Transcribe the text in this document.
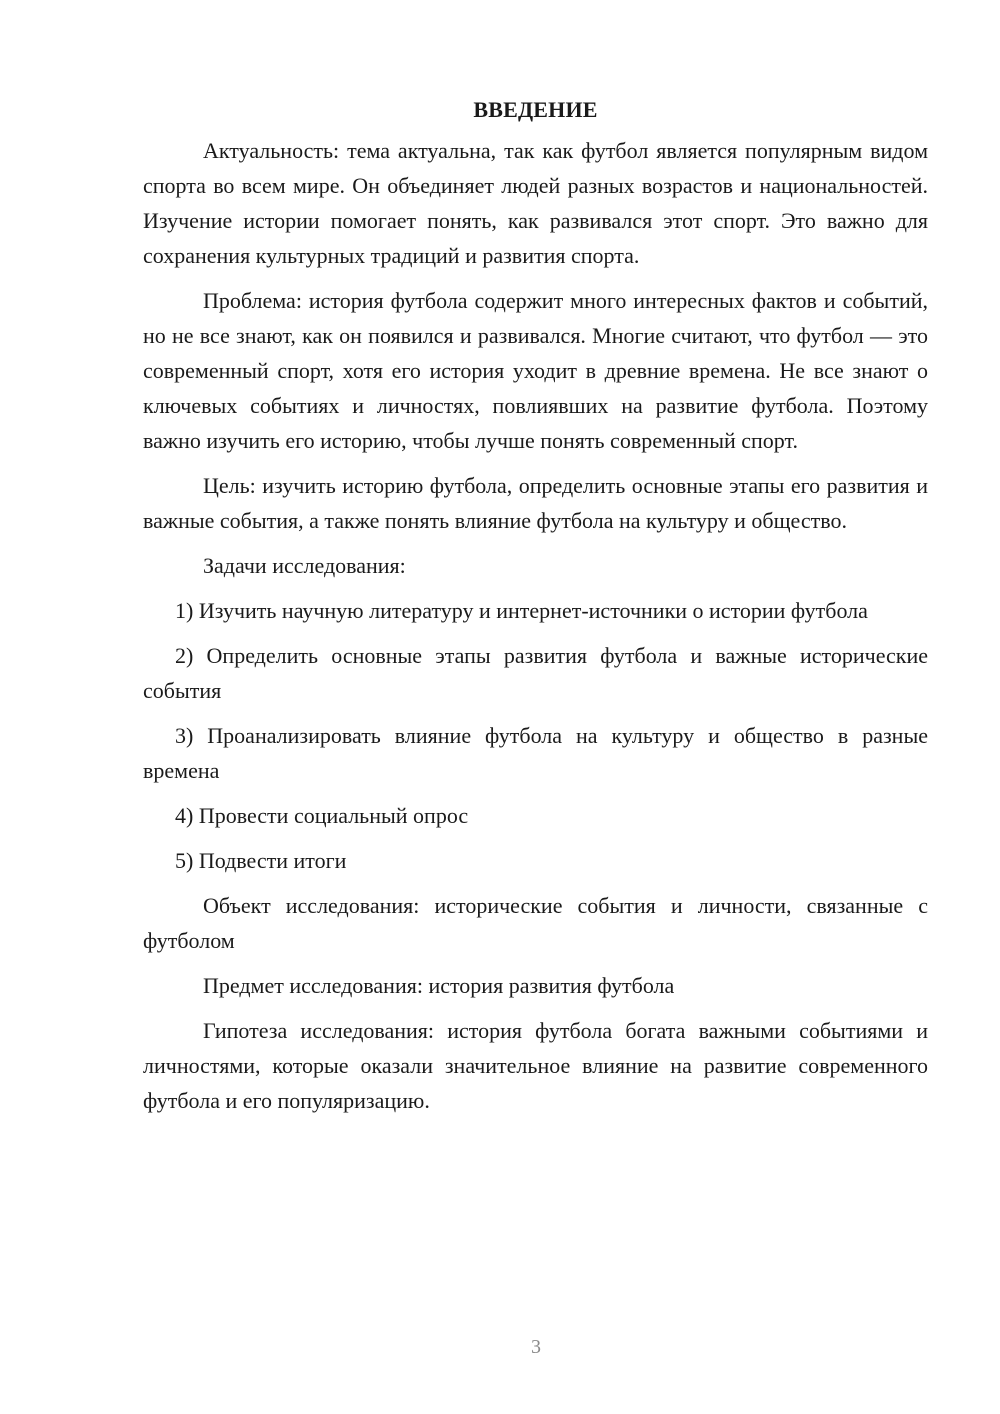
ВВЕДЕНИЕ

Актуальность: тема актуальна, так как футбол является популярным видом спорта во всем мире. Он объединяет людей разных возрастов и национальностей. Изучение истории помогает понять, как развивался этот спорт. Это важно для сохранения культурных традиций и развития спорта.

Проблема: история футбола содержит много интересных фактов и событий, но не все знают, как он появился и развивался. Многие считают, что футбол — это современный спорт, хотя его история уходит в древние времена. Не все знают о ключевых событиях и личностях, повлиявших на развитие футбола. Поэтому важно изучить его историю, чтобы лучше понять современный спорт.

Цель: изучить историю футбола, определить основные этапы его развития и важные события, а также понять влияние футбола на культуру и общество.

Задачи исследования:

1) Изучить научную литературу и интернет-источники о истории футбола

2) Определить основные этапы развития футбола и важные исторические события

3) Проанализировать влияние футбола на культуру и общество в разные времена

4) Провести социальный опрос

5) Подвести итоги

Объект исследования: исторические события и личности, связанные с футболом

Предмет исследования: история развития футбола

Гипотеза исследования: история футбола богата важными событиями и личностями, которые оказали значительное влияние на развитие современного футбола и его популяризацию.

3
